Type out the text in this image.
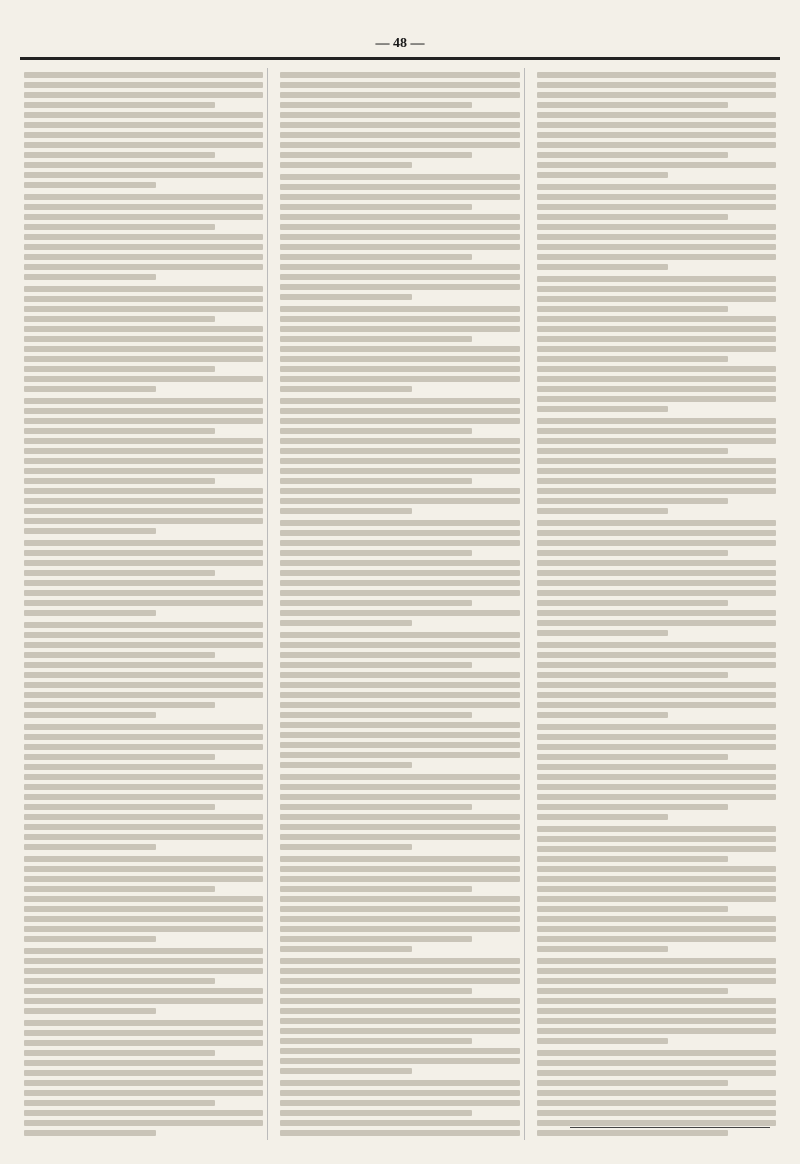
— 48 —
